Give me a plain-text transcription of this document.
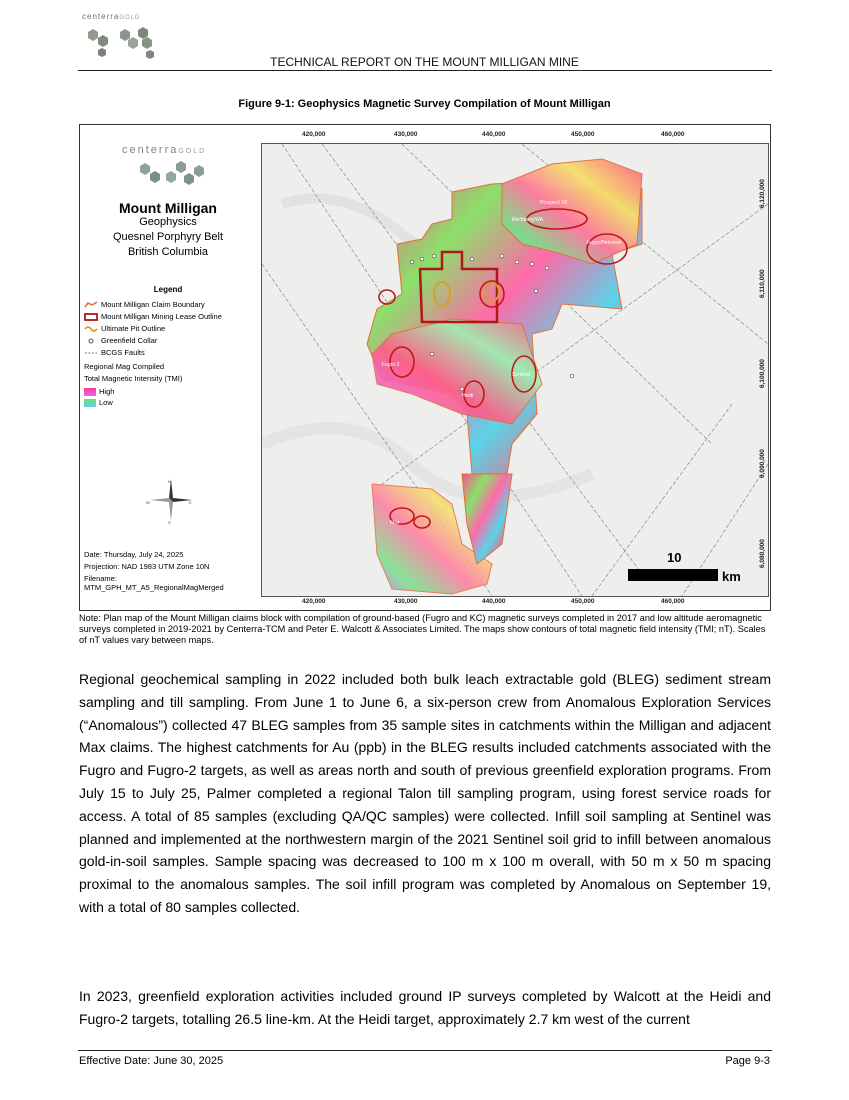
centerraGOLD
TECHNICAL REPORT ON THE MOUNT MILLIGAN MINE
Figure 9-1: Geophysics Magnetic Survey Compilation of Mount Milligan
centerraGOLD
Mount Milligan
Geophysics
Quesnel Porphyry Belt
British Columbia
Legend
Mount Milligan Claim Boundary
Mount Milligan Mining Lease Outline
Ultimate Pit Outline
Greenfield Collar
BCGS Faults
Regional Mag Compiled
Total Magnetic Intensity (TMI)
High
Low
N
S
W	E
Date: Thursday, July 24, 2025
Projection: NAD 1983 UTM Zone 10N
Filename:
MTM_GPH_MT_A5_RegionalMagMerged
Rechberg/WA
Prospect S6
Fugro/Peterson
Fugro-2
Sentinel
Heidi
Max
10
km
420,000	430,000	440,000	450,000	460,000
420,000	430,000	440,000	450,000	460,000
6,120,000
6,110,000
6,100,000
6,090,000
6,080,000
Note: Plan map of the Mount Milligan claims block with compilation of ground-based (Fugro and KC) magnetic surveys completed in 2017 and low altitude aeromagnetic surveys completed in 2019-2021 by Centerra-TCM and Peter E. Walcott & Associates Limited. The maps show contours of total magnetic field intensity (TMI; nT). Scales of nT values vary between maps.
Regional geochemical sampling in 2022 included both bulk leach extractable gold (BLEG) sediment stream sampling and till sampling. From June 1 to June 6, a six-person crew from Anomalous Exploration Services (“Anomalous”) collected 47 BLEG samples from 35 sample sites in catchments within the Milligan and adjacent Max claims. The highest catchments for Au (ppb) in the BLEG results included catchments associated with the Fugro and Fugro-2 targets, as well as areas north and south of previous greenfield exploration programs. From July 15 to July 25, Palmer completed a regional Talon till sampling program, using forest service roads for access. A total of 85 samples (excluding QA/QC samples) were collected. Infill soil sampling at Sentinel was planned and implemented at the northwestern margin of the 2021 Sentinel soil grid to infill between anomalous gold-in-soil samples. Sample spacing was decreased to 100 m x 100 m overall, with 50 m x 50 m spacing proximal to the anomalous samples. The soil infill program was completed by Anomalous on September 19, with a total of 80 samples collected.
In 2023, greenfield exploration activities included ground IP surveys completed by Walcott at the Heidi and Fugro-2 targets, totalling 26.5 line-km. At the Heidi target, approximately 2.7 km west of the current
Effective Date: June 30, 2025	Page 9-3
